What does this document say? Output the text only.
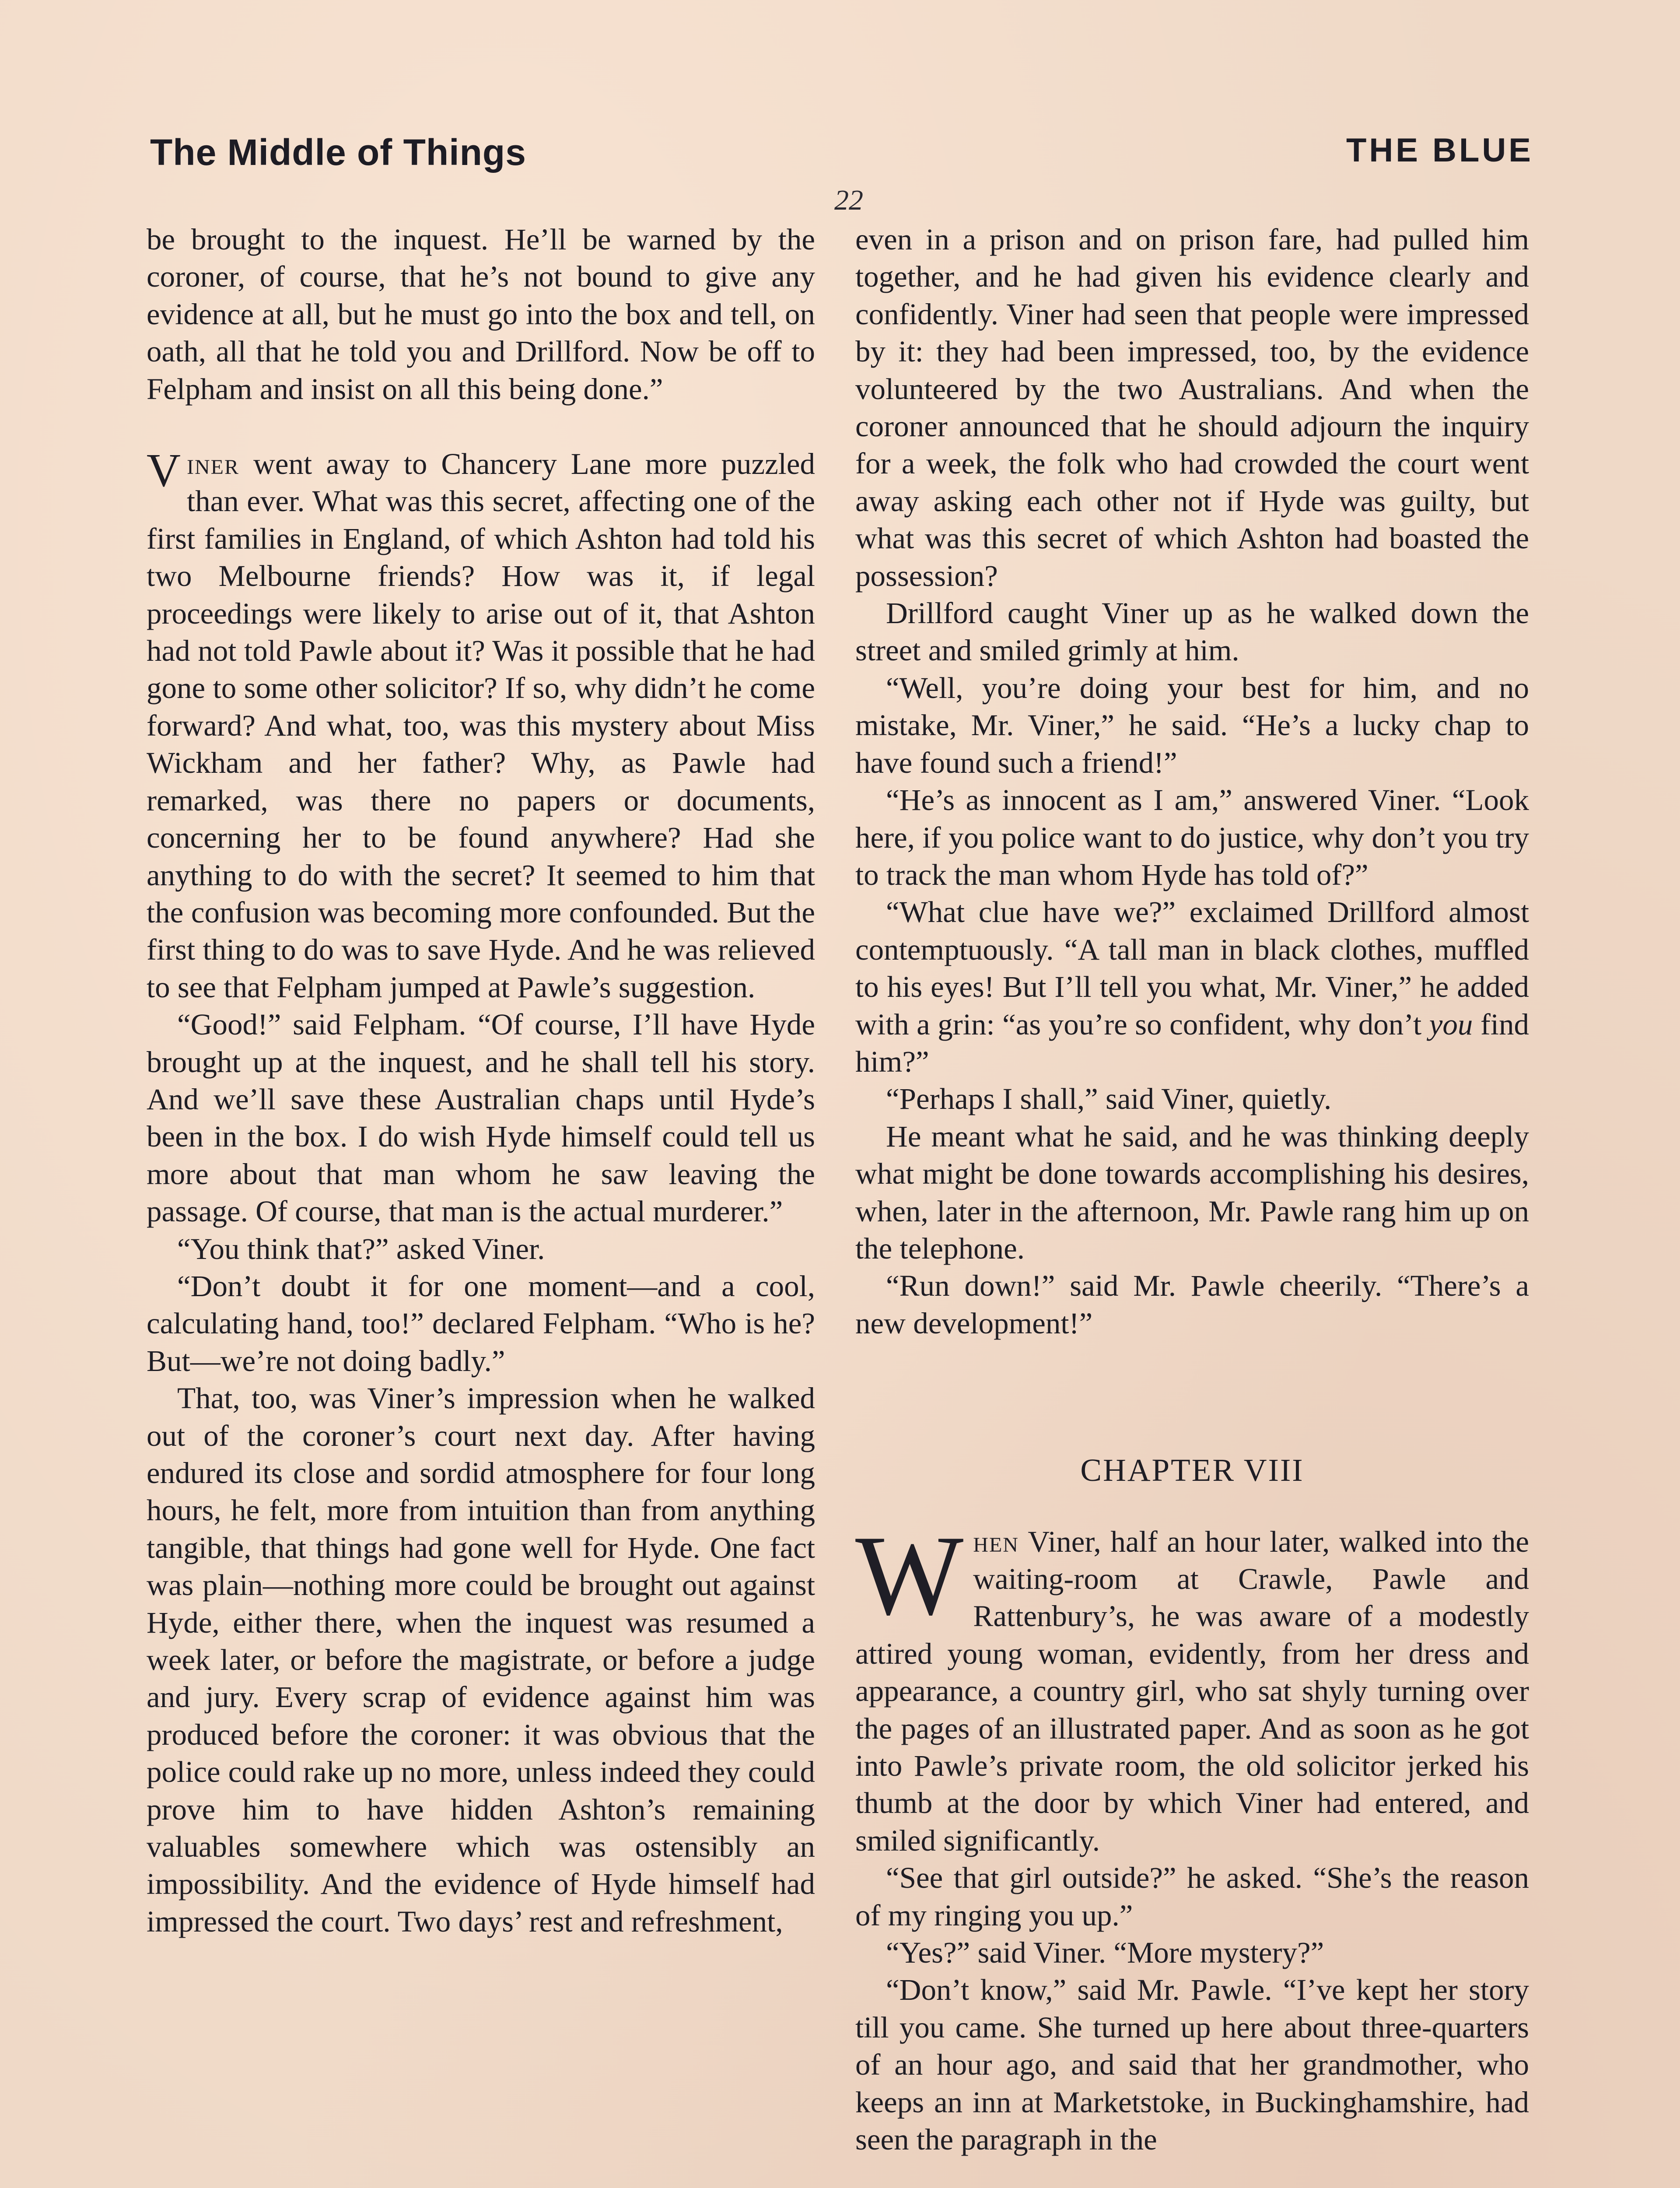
The Middle of Things	THE BLUE
22

be brought to the inquest. He’ll be warned by the coroner, of course, that he’s not bound to give any evidence at all, but he must go into the box and tell, on oath, all that he told you and Drillford. Now be off to Felpham and insist on all this being done.”

Viner went away to Chancery Lane more puzzled than ever. What was this secret, affecting one of the first families in England, of which Ashton had told his two Melbourne friends? How was it, if legal proceedings were likely to arise out of it, that Ashton had not told Pawle about it? Was it possible that he had gone to some other solicitor? If so, why didn’t he come forward? And what, too, was this mystery about Miss Wickham and her father? Why, as Pawle had remarked, was there no papers or documents, concerning her to be found anywhere? Had she anything to do with the secret? It seemed to him that the confusion was becoming more confounded. But the first thing to do was to save Hyde. And he was relieved to see that Felpham jumped at Pawle’s suggestion.

“Good!” said Felpham. “Of course, I’ll have Hyde brought up at the inquest, and he shall tell his story. And we’ll save these Australian chaps until Hyde’s been in the box. I do wish Hyde himself could tell us more about that man whom he saw leaving the passage. Of course, that man is the actual murderer.”

“You think that?” asked Viner.

“Don’t doubt it for one moment—and a cool, calculating hand, too!” declared Felpham. “Who is he? But—we’re not doing badly.”

That, too, was Viner’s impression when he walked out of the coroner’s court next day. After having endured its close and sordid atmosphere for four long hours, he felt, more from intuition than from anything tangible, that things had gone well for Hyde. One fact was plain—nothing more could be brought out against Hyde, either there, when the inquest was resumed a week later, or before the magistrate, or before a judge and jury. Every scrap of evidence against him was produced before the coroner: it was obvious that the police could rake up no more, unless indeed they could prove him to have hidden Ashton’s remaining valuables somewhere which was ostensibly an impossibility. And the evidence of Hyde himself had impressed the court. Two days’ rest and refreshment,

even in a prison and on prison fare, had pulled him together, and he had given his evidence clearly and confidently. Viner had seen that people were impressed by it: they had been impressed, too, by the evidence volunteered by the two Australians. And when the coroner announced that he should adjourn the inquiry for a week, the folk who had crowded the court went away asking each other not if Hyde was guilty, but what was this secret of which Ashton had boasted the possession?

Drillford caught Viner up as he walked down the street and smiled grimly at him.

“Well, you’re doing your best for him, and no mistake, Mr. Viner,” he said. “He’s a lucky chap to have found such a friend!”

“He’s as innocent as I am,” answered Viner. “Look here, if you police want to do justice, why don’t you try to track the man whom Hyde has told of?”

“What clue have we?” exclaimed Drillford almost contemptuously. “A tall man in black clothes, muffled to his eyes! But I’ll tell you what, Mr. Viner,” he added with a grin: “as you’re so confident, why don’t you find him?”

“Perhaps I shall,” said Viner, quietly.

He meant what he said, and he was thinking deeply what might be done towards accomplishing his desires, when, later in the afternoon, Mr. Pawle rang him up on the telephone.

“Run down!” said Mr. Pawle cheerily. “There’s a new development!”

CHAPTER VIII

When Viner, half an hour later, walked into the waiting-room at Crawle, Pawle and Rattenbury’s, he was aware of a modestly attired young woman, evidently, from her dress and appearance, a country girl, who sat shyly turning over the pages of an illustrated paper. And as soon as he got into Pawle’s private room, the old solicitor jerked his thumb at the door by which Viner had entered, and smiled significantly.

“See that girl outside?” he asked. “She’s the reason of my ringing you up.”

“Yes?” said Viner. “More mystery?”

“Don’t know,” said Mr. Pawle. “I’ve kept her story till you came. She turned up here about three-quarters of an hour ago, and said that her grandmother, who keeps an inn at Marketstoke, in Buckinghamshire, had seen the paragraph in the
